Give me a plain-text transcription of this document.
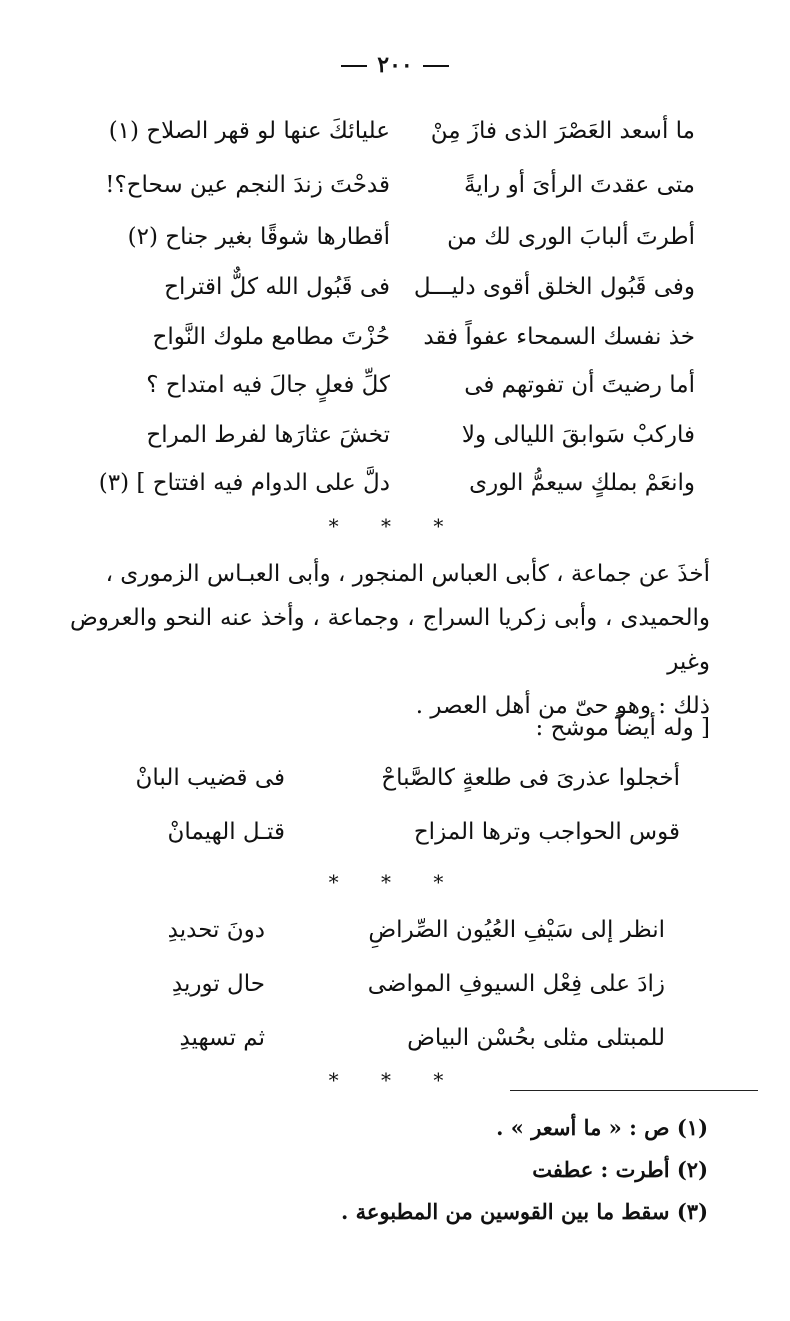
٢٠٠
ما أسعد العَصْرَ الذى فازَ مِنْ
عليائكَ عنها لو قهر الصلاح (١)
متى عقدتَ الرأىَ أو رايةً
قدحْتَ زندَ النجم عين سحاح؟!
أطرتَ ألبابَ الورى لك من
أقطارها شوقًا بغير جناح (٢)
وفى قَبُول الخلق أقوى دليـــل
فى قَبُول الله كلٌّ اقتراح
خذ نفسك السمحاء عفواً فقد
حُزْتَ مطامع ملوك النَّواح
أما رضيتَ أن تفوتهم فى
كلِّ فعلٍ جالَ فيه امتداح ؟
فاركبْ سَوابقَ الليالى ولا
تخشَ عثارَها لفرط المراح
وانعَمْ بملكٍ سيعمُّ الورى
دلَّ على الدوام فيه افتتاح ] (٣)
* * *
أخذَ عن جماعة ، كأبى العباس المنجور ، وأبى العبـاس الزمورى ،
والحميدى ، وأبى زكريا السراج ، وجماعة ، وأخذ عنه النحو والعروض وغير
ذلك : وهو حىّ من أهل العصر .
[ وله أيضاً موشح :
أخجلوا عذرىَ فى طلعةٍ كالصَّباحْ
فى قضيب البانْ
قوس الحواجب وترها المزاح
قتـل الهيمانْ
* * *
انظر إلى سَيْفِ العُيُون الصِّراضِ
دونَ تحديدِ
زادَ على فِعْل السيوفِ المواضى
حال توريدِ
للمبتلى مثلى بحُسْن البياض
ثم تسهيدِ
* * *
(١) ص : « ما أسعر » .
(٢) أطرت : عطفت
(٣) سقط ما بين القوسين من المطبوعة .
